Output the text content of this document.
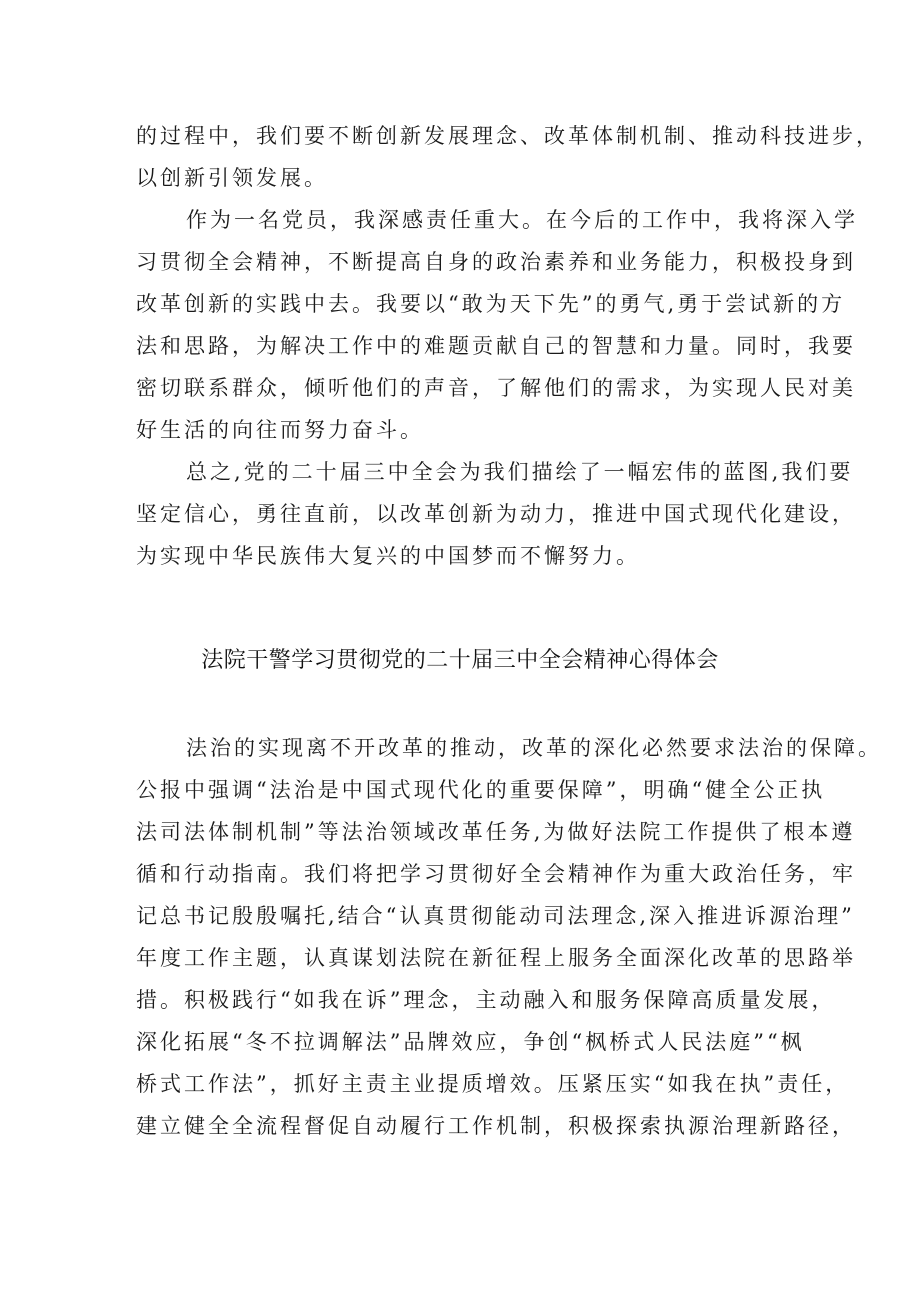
的过程中，我们要不断创新发展理念、改革体制机制、推动科技进步，
以创新引领发展。
作为一名党员，我深感责任重大。在今后的工作中，我将深入学
习贯彻全会精神，不断提高自身的政治素养和业务能力，积极投身到
改革创新的实践中去。我要以“敢为天下先”的勇气,勇于尝试新的方
法和思路，为解决工作中的难题贡献自己的智慧和力量。同时，我要
密切联系群众，倾听他们的声音，了解他们的需求，为实现人民对美
好生活的向往而努力奋斗。
总之,党的二十届三中全会为我们描绘了一幅宏伟的蓝图,我们要
坚定信心，勇往直前，以改革创新为动力，推进中国式现代化建设，
为实现中华民族伟大复兴的中国梦而不懈努力。
法院干警学习贯彻党的二十届三中全会精神心得体会
法治的实现离不开改革的推动，改革的深化必然要求法治的保障。
公报中强调“法治是中国式现代化的重要保障”，明确“健全公正执
法司法体制机制”等法治领域改革任务,为做好法院工作提供了根本遵
循和行动指南。我们将把学习贯彻好全会精神作为重大政治任务，牢
记总书记殷殷嘱托,结合“认真贯彻能动司法理念,深入推进诉源治理”
年度工作主题，认真谋划法院在新征程上服务全面深化改革的思路举
措。积极践行“如我在诉”理念，主动融入和服务保障高质量发展，
深化拓展“冬不拉调解法”品牌效应，争创“枫桥式人民法庭”“枫
桥式工作法”，抓好主责主业提质增效。压紧压实“如我在执”责任，
建立健全全流程督促自动履行工作机制，积极探索执源治理新路径，
